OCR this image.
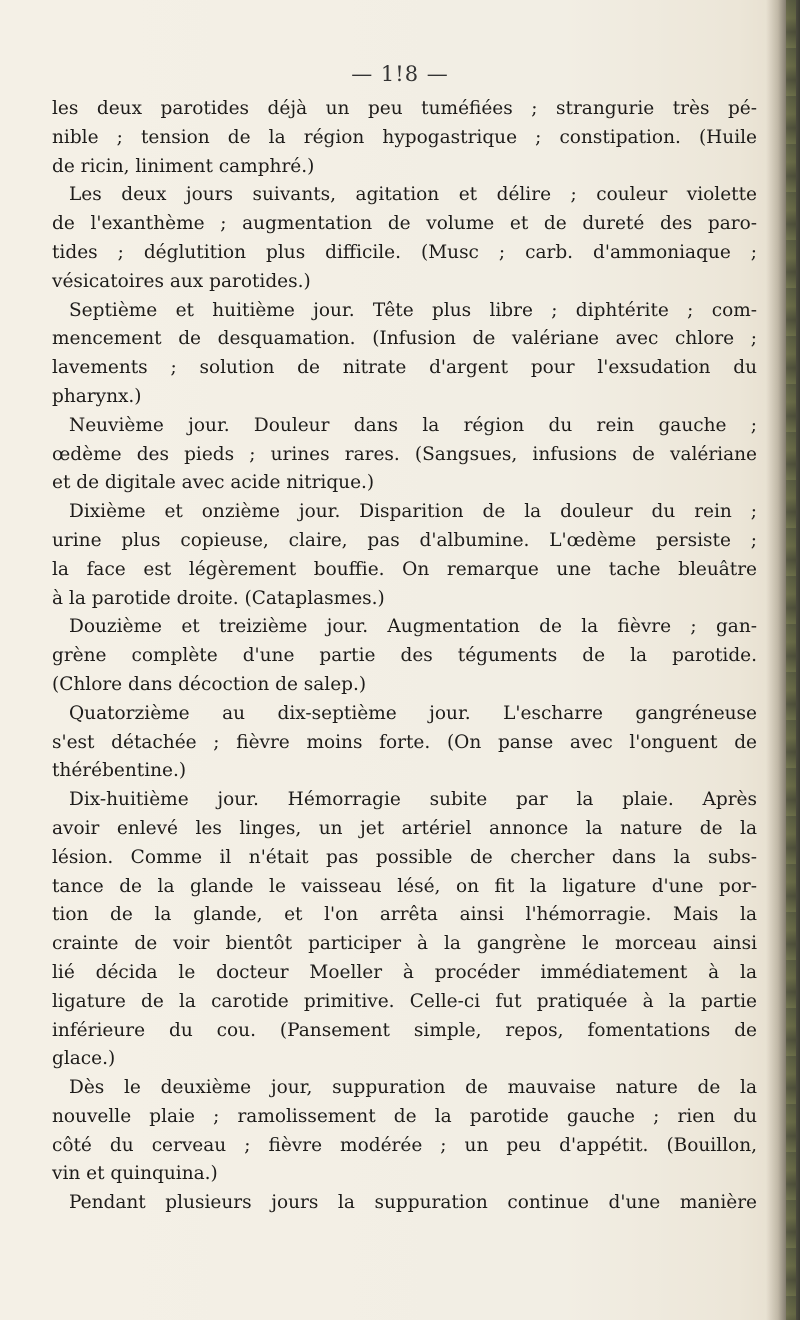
— 1!8 —
les deux parotides déjà un peu tuméfiées ; strangurie très pé-
nible ; tension de la région hypogastrique ; constipation. (Huile
de ricin, liniment camphré.)
Les deux jours suivants, agitation et délire ; couleur violette
de l'exanthème ; augmentation de volume et de dureté des paro-
tides ; déglutition plus difficile. (Musc ; carb. d'ammoniaque ;
vésicatoires aux parotides.)
Septième et huitième jour. Tête plus libre ; diphtérite ; com-
mencement de desquamation. (Infusion de valériane avec chlore ;
lavements ; solution de nitrate d'argent pour l'exsudation du
pharynx.)
Neuvième jour. Douleur dans la région du rein gauche ;
œdème des pieds ; urines rares. (Sangsues, infusions de valériane
et de digitale avec acide nitrique.)
Dixième et onzième jour. Disparition de la douleur du rein ;
urine plus copieuse, claire, pas d'albumine. L'œdème persiste ;
la face est légèrement bouffie. On remarque une tache bleuâtre
à la parotide droite. (Cataplasmes.)
Douzième et treizième jour. Augmentation de la fièvre ; gan-
grène complète d'une partie des téguments de la parotide.
(Chlore dans décoction de salep.)
Quatorzième au dix-septième jour. L'escharre gangréneuse
s'est détachée ; fièvre moins forte. (On panse avec l'onguent de
thérébentine.)
Dix-huitième jour. Hémorragie subite par la plaie. Après
avoir enlevé les linges, un jet artériel annonce la nature de la
lésion. Comme il n'était pas possible de chercher dans la subs-
tance de la glande le vaisseau lésé, on fit la ligature d'une por-
tion de la glande, et l'on arrêta ainsi l'hémorragie. Mais la
crainte de voir bientôt participer à la gangrène le morceau ainsi
lié décida le docteur Moeller à procéder immédiatement à la
ligature de la carotide primitive. Celle-ci fut pratiquée à la partie
inférieure du cou. (Pansement simple, repos, fomentations de
glace.)
Dès le deuxième jour, suppuration de mauvaise nature de la
nouvelle plaie ; ramolissement de la parotide gauche ; rien du
côté du cerveau ; fièvre modérée ; un peu d'appétit. (Bouillon,
vin et quinquina.)
Pendant plusieurs jours la suppuration continue d'une manière
